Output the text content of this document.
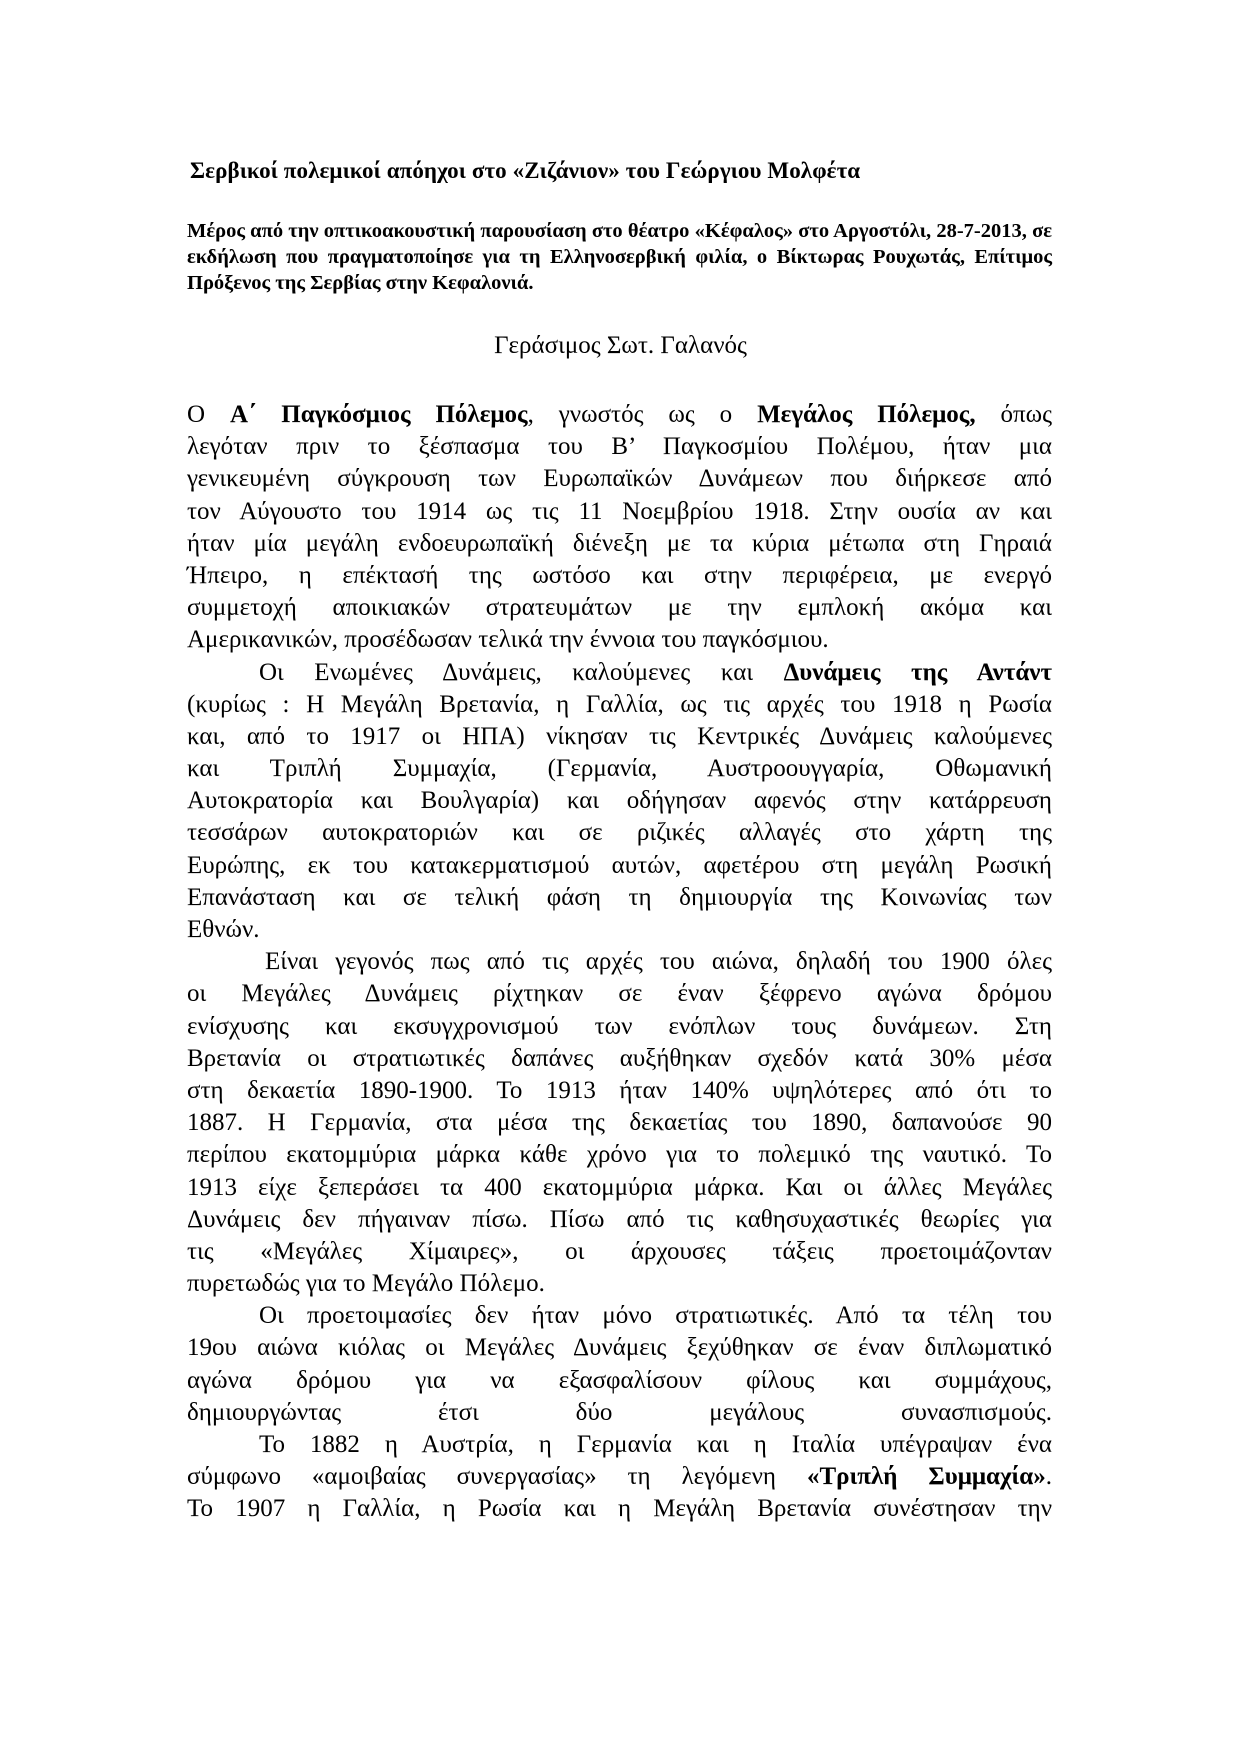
Σερβικοί πολεμικοί απόηχοι στο «Ζιζάνιον» του Γεώργιου Μολφέτα
Μέρος από την οπτικοακουστική παρουσίαση στο θέατρο «Κέφαλος» στο Αργοστόλι, 28-7-2013, σε εκδήλωση που πραγματοποίησε για τη Ελληνοσερβική φιλία, ο Βίκτωρας Ρουχωτάς, Επίτιμος Πρόξενος της Σερβίας στην Κεφαλονιά.
Γεράσιμος Σωτ. Γαλανός
Ο Α΄ Παγκόσμιος Πόλεμος, γνωστός ως ο Μεγάλος Πόλεμος, όπως
λεγόταν πριν το ξέσπασμα του Β’ Παγκοσμίου Πολέμου, ήταν μια
γενικευμένη σύγκρουση των Ευρωπαϊκών Δυνάμεων που διήρκεσε από
τον Αύγουστο του 1914 ως τις 11 Νοεμβρίου 1918. Στην ουσία αν και
ήταν μία μεγάλη ενδοευρωπαϊκή διένεξη με τα κύρια μέτωπα στη Γηραιά
Ήπειρο, η επέκτασή της ωστόσο και στην περιφέρεια, με ενεργό
συμμετοχή αποικιακών στρατευμάτων με την εμπλοκή ακόμα και
Αμερικανικών, προσέδωσαν τελικά την έννοια του παγκόσμιου.
Οι Ενωμένες Δυνάμεις, καλούμενες και Δυνάμεις της Αντάντ
(κυρίως : Η Μεγάλη Βρετανία, η Γαλλία, ως τις αρχές του 1918 η Ρωσία
και, από το 1917 οι ΗΠΑ) νίκησαν τις Κεντρικές Δυνάμεις καλούμενες
και Τριπλή Συμμαχία, (Γερμανία, Αυστροουγγαρία, Οθωμανική
Αυτοκρατορία και Βουλγαρία) και οδήγησαν αφενός στην κατάρρευση
τεσσάρων αυτοκρατοριών και σε ριζικές αλλαγές στο χάρτη της
Ευρώπης, εκ του κατακερματισμού αυτών, αφετέρου στη μεγάλη Ρωσική
Επανάσταση και σε τελική φάση τη δημιουργία της Κοινωνίας των
Εθνών.
Είναι γεγονός πως από τις αρχές του αιώνα, δηλαδή του 1900 όλες
οι Μεγάλες Δυνάμεις ρίχτηκαν σε έναν ξέφρενο αγώνα δρόμου
ενίσχυσης και εκσυγχρονισμού των ενόπλων τους δυνάμεων. Στη
Βρετανία οι στρατιωτικές δαπάνες αυξήθηκαν σχεδόν κατά 30% μέσα
στη δεκαετία 1890-1900. Το 1913 ήταν 140% υψηλότερες από ότι το
1887. Η Γερμανία, στα μέσα της δεκαετίας του 1890, δαπανούσε 90
περίπου εκατομμύρια μάρκα κάθε χρόνο για το πολεμικό της ναυτικό. Το
1913 είχε ξεπεράσει τα 400 εκατομμύρια μάρκα. Και οι άλλες Μεγάλες
Δυνάμεις δεν πήγαιναν πίσω. Πίσω από τις καθησυχαστικές θεωρίες για
τις «Μεγάλες Χίμαιρες», οι άρχουσες τάξεις προετοιμάζονταν
πυρετωδώς για το Μεγάλο Πόλεμο.
Οι προετοιμασίες δεν ήταν μόνο στρατιωτικές. Από τα τέλη του
19ου αιώνα κιόλας οι Μεγάλες Δυνάμεις ξεχύθηκαν σε έναν διπλωματικό
αγώνα δρόμου για να εξασφαλίσουν φίλους και συμμάχους,
δημιουργώντας έτσι δύο μεγάλους συνασπισμούς.
Το 1882 η Αυστρία, η Γερμανία και η Ιταλία υπέγραψαν ένα
σύμφωνο «αμοιβαίας συνεργασίας» τη λεγόμενη «Τριπλή Συμμαχία».
Το 1907 η Γαλλία, η Ρωσία και η Μεγάλη Βρετανία συνέστησαν την
